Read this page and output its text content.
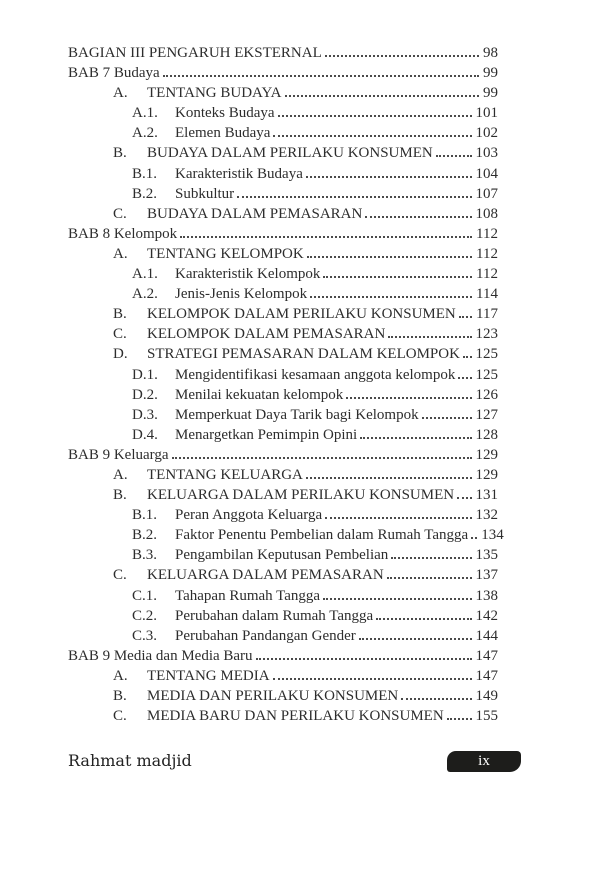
BAGIAN III PENGARUH EKSTERNAL	98
BAB 7 Budaya	99
A.	TENTANG BUDAYA	99
A.1.	Konteks Budaya	101
A.2.	Elemen Budaya	102
B.	BUDAYA DALAM PERILAKU KONSUMEN	103
B.1.	Karakteristik Budaya	104
B.2.	Subkultur	107
C.	BUDAYA DALAM PEMASARAN	108
BAB 8 Kelompok	112
A.	TENTANG KELOMPOK	112
A.1.	Karakteristik Kelompok	112
A.2.	Jenis-Jenis Kelompok	114
B.	KELOMPOK DALAM PERILAKU KONSUMEN 117
C.	KELOMPOK DALAM PEMASARAN	123
D.	STRATEGI PEMASARAN DALAM KELOMPOK 125
D.1.	Mengidentifikasi kesamaan anggota kelompok 125
D.2.	Menilai kekuatan kelompok	126
D.3.	Memperkuat Daya Tarik bagi Kelompok	127
D.4.	Menargetkan Pemimpin Opini	128
BAB 9 Keluarga	129
A.	TENTANG KELUARGA	129
B.	KELUARGA DALAM PERILAKU KONSUMEN 131
B.1.	Peran Anggota Keluarga	132
B.2.	Faktor Penentu Pembelian dalam Rumah Tangga 134
B.3.	Pengambilan Keputusan Pembelian	135
C.	KELUARGA DALAM PEMASARAN	137
C.1.	Tahapan Rumah Tangga	138
C.2.	Perubahan dalam Rumah Tangga	142
C.3.	Perubahan Pandangan Gender	144
BAB 9 Media dan Media Baru	147
A.	TENTANG MEDIA	147
B.	MEDIA DAN PERILAKU KONSUMEN	149
C.	MEDIA BARU DAN PERILAKU KONSUMEN 155
Rahmat madjid	ix
